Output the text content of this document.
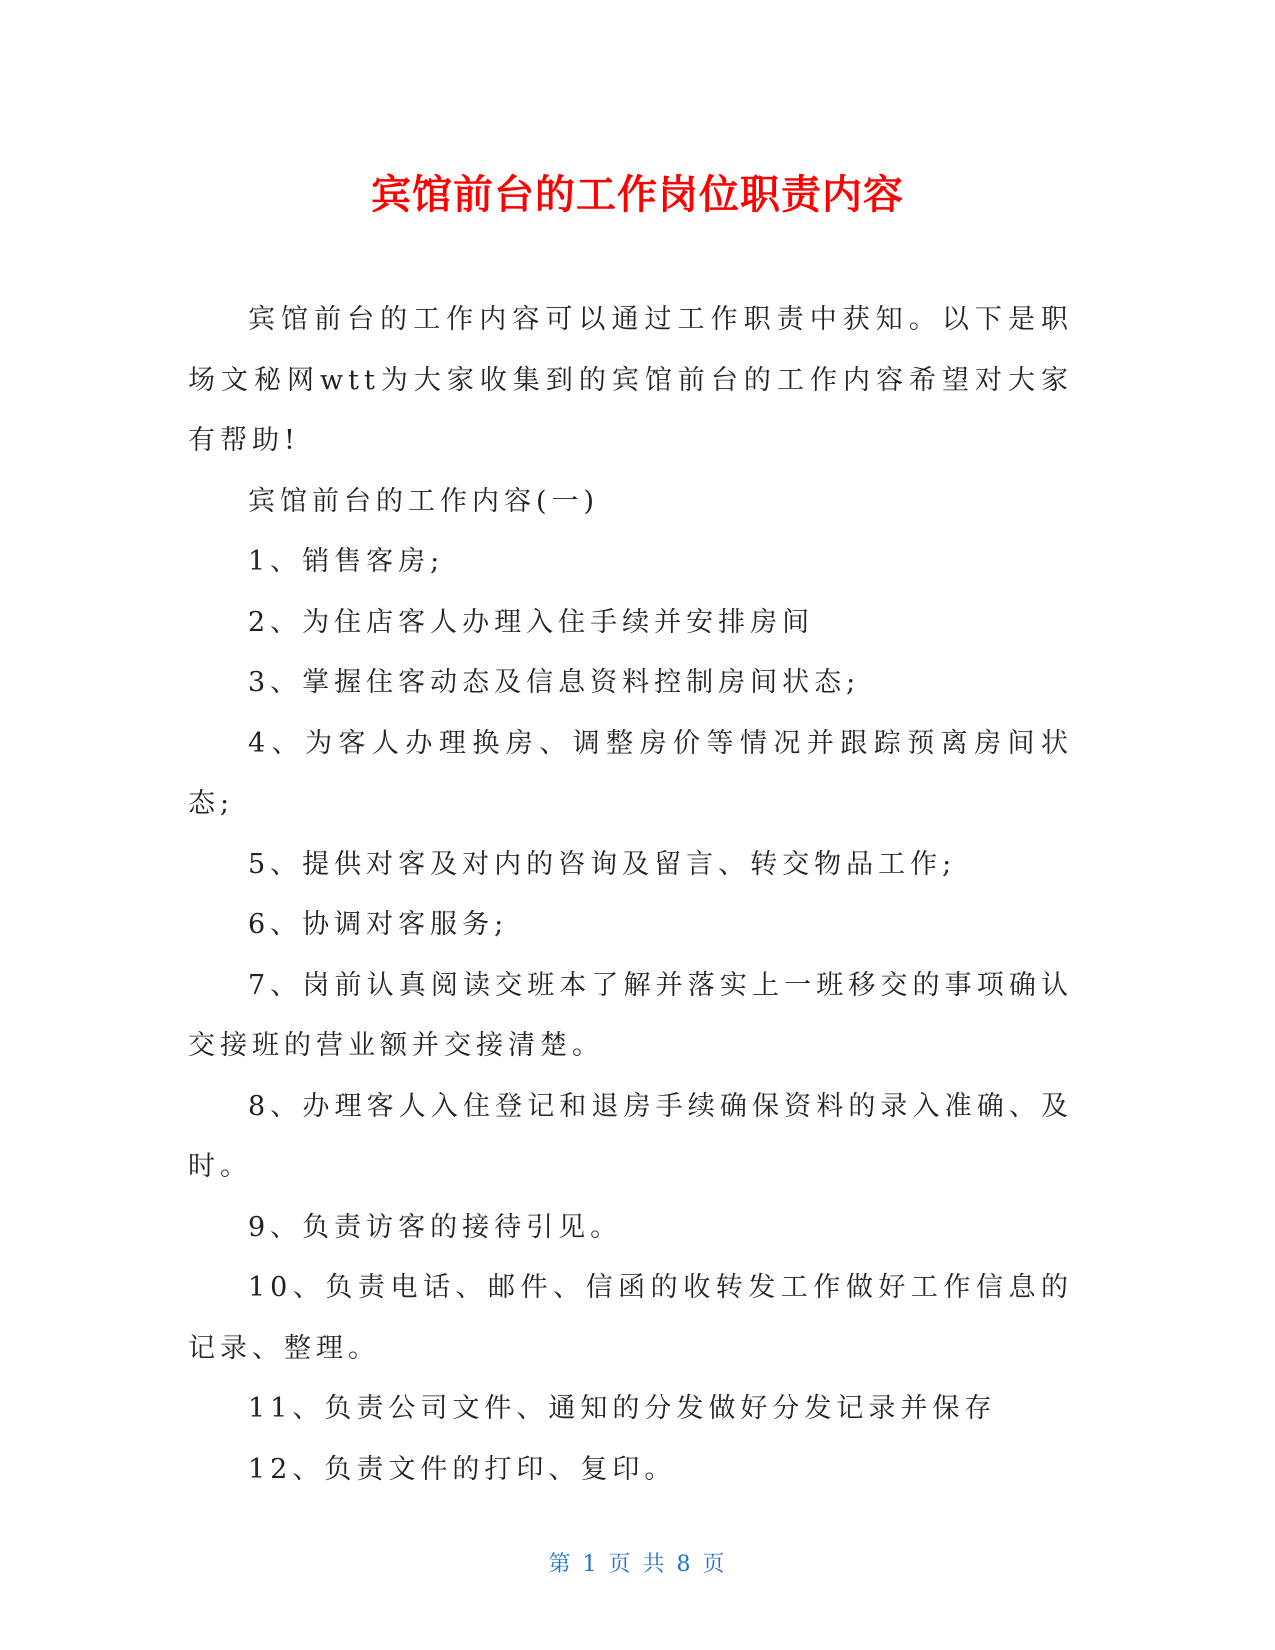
宾馆前台的工作岗位职责内容

宾馆前台的工作内容可以通过工作职责中获知。以下是职场文秘网wtt为大家收集到的宾馆前台的工作内容希望对大家有帮助!

宾馆前台的工作内容(一)

1、销售客房;

2、为住店客人办理入住手续并安排房间

3、掌握住客动态及信息资料控制房间状态;

4、为客人办理换房、调整房价等情况并跟踪预离房间状态;

5、提供对客及对内的咨询及留言、转交物品工作;

6、协调对客服务;

7、岗前认真阅读交班本了解并落实上一班移交的事项确认交接班的营业额并交接清楚。

8、办理客人入住登记和退房手续确保资料的录入准确、及时。

9、负责访客的接待引见。

10、负责电话、邮件、信函的收转发工作做好工作信息的记录、整理。

11、负责公司文件、通知的分发做好分发记录并保存

12、负责文件的打印、复印。

第 1 页 共 8 页
